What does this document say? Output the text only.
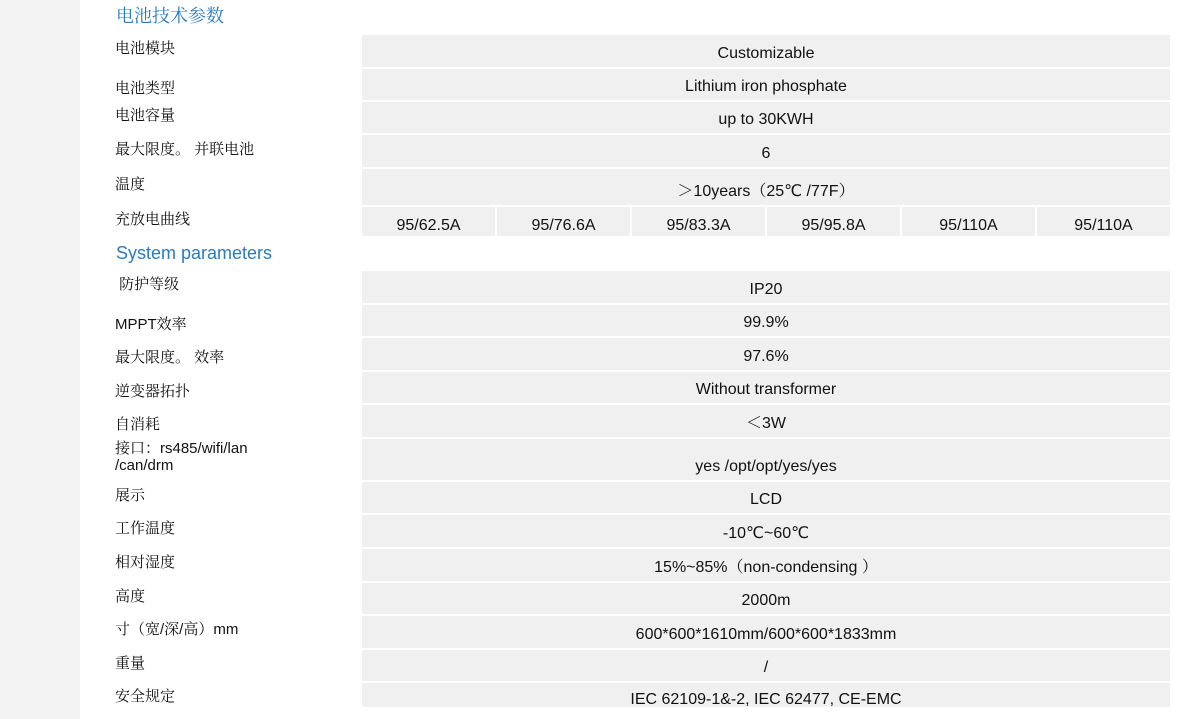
电池技术参数
电池模块	Customizable
电池类型	Lithium iron phosphate
电池容量	up to 30KWH
最大限度。 并联电池	6
温度	＞10years（25℃ /77F）
充放电曲线	95/62.5A	95/76.6A	95/83.3A	95/95.8A	95/110A	95/110A
System parameters
防护等级	IP20
MPPT效率	99.9%
最大限度。 效率	97.6%
逆变器拓扑	Without transformer
自消耗	＜3W
接口：rs485/wifi/lan
/can/drm	yes /opt/opt/yes/yes
展示	LCD
工作温度	-10℃~60℃
相对湿度	15%~85%（non-condensing ）
高度	2000m
寸（宽/深/高）mm	600*600*1610mm/600*600*1833mm
重量	/
安全规定	IEC 62109-1&-2, IEC 62477, CE-EMC
